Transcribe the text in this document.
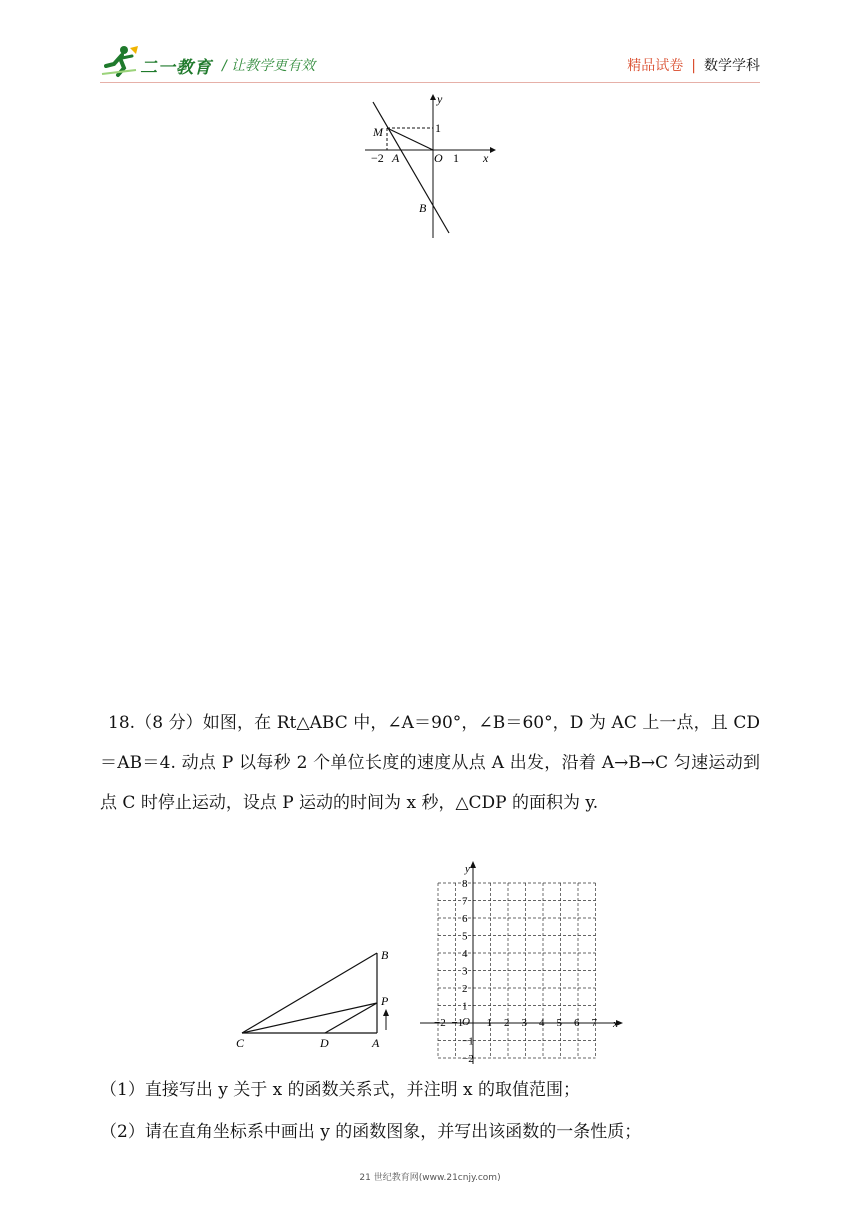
二一教育 / 让教学更有效	精品试卷 | 数学学科
y
x
1
1
M
−2 A	O
B
18.（8 分）如图，在 Rt△ABC 中，∠A＝90°，∠B＝60°，D 为 AC 上一点，且 CD＝AB＝4. 动点 P 以每秒 2 个单位长度的速度从点 A 出发，沿着 A→B→C 匀速运动到点 C 时停止运动，设点 P 运动的时间为 x 秒，△CDP 的面积为 y.
B
P
C	D	A
y
x
O
−2 −1 1 2 3 4 5 6 7
8
7
6
5
4
3
2
1
−1
−2
（1）直接写出 y 关于 x 的函数关系式，并注明 x 的取值范围；
（2）请在直角坐标系中画出 y 的函数图象，并写出该函数的一条性质；
21 世纪教育网(www.21cnjy.com)
